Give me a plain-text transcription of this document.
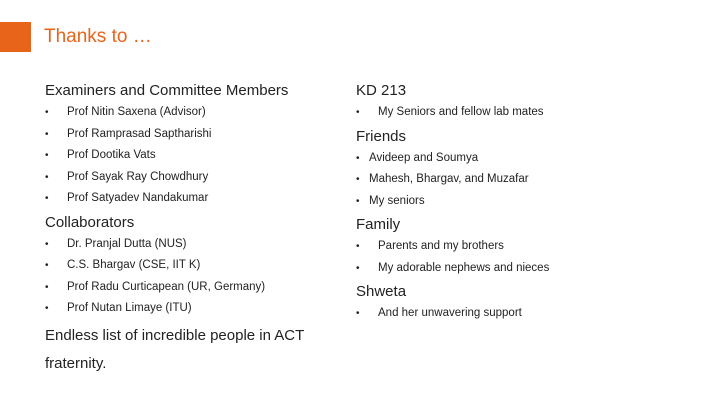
Thanks to …
Examiners and Committee Members
• Prof Nitin Saxena (Advisor)
• Prof Ramprasad Saptharishi
• Prof Dootika Vats
• Prof Sayak Ray Chowdhury
• Prof Satyadev Nandakumar
Collaborators
• Dr. Pranjal Dutta (NUS)
• C.S. Bhargav (CSE, IIT K)
• Prof Radu Curticapean (UR, Germany)
• Prof Nutan Limaye (ITU)

Endless list of incredible people in ACT fraternity.

KD 213
• My Seniors and fellow lab mates
Friends
• Avideep and Soumya
• Mahesh, Bhargav, and Muzafar
• My seniors
Family
• Parents and my brothers
• My adorable nephews and nieces
Shweta
• And her unwavering support
